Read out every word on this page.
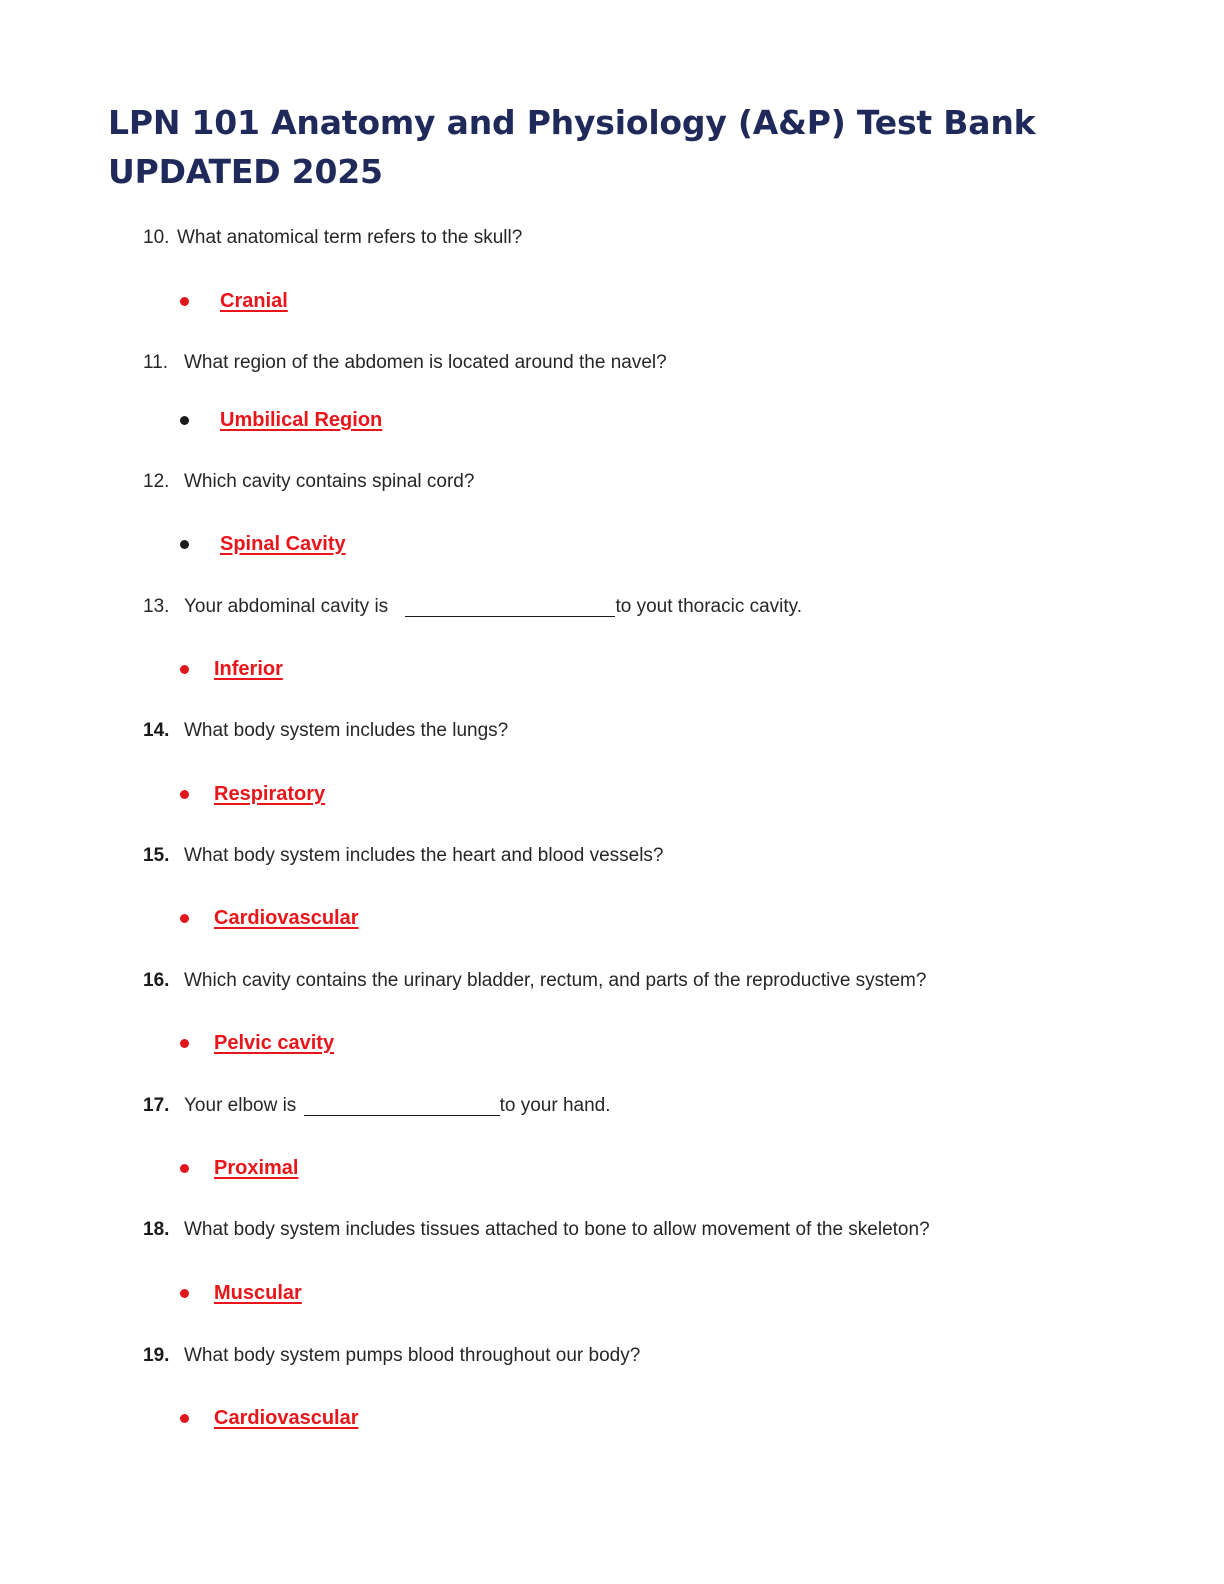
LPN 101 Anatomy and Physiology (A&P) Test Bank UPDATED 2025
10. What anatomical term refers to the skull?
Cranial
11. What region of the abdomen is located around the navel?
Umbilical Region
12. Which cavity contains spinal cord?
Spinal Cavity
13. Your abdominal cavity is	to yout thoracic cavity.
Inferior
14. What body system includes the lungs?
Respiratory
15. What body system includes the heart and blood vessels?
Cardiovascular
16. Which cavity contains the urinary bladder, rectum, and parts of the reproductive system?
Pelvic cavity
17. Your elbow is	to your hand.
Proximal
18. What body system includes tissues attached to bone to allow movement of the skeleton?
Muscular
19. What body system pumps blood throughout our body?
Cardiovascular
